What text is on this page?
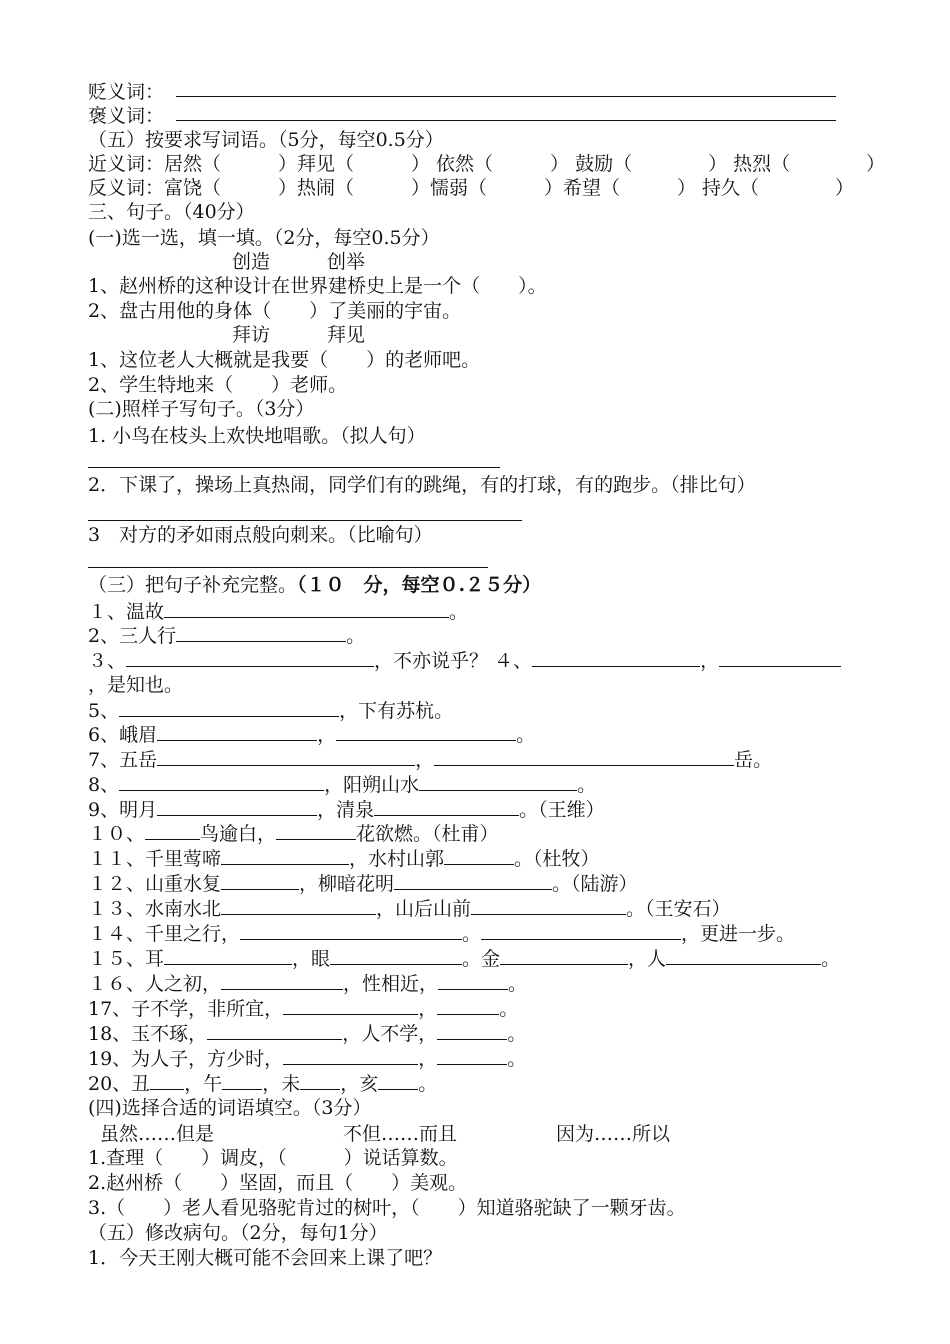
贬义词：
褒义词：
（五）按要求写词语。（5分，每空0.5分）
近义词：居然（　　　）拜见（　　　） 依然（　　　） 鼓励（　　　　） 热烈（　　　　）
反义词：富饶（　　　）热闹（　　　）懦弱（　　　）希望（　　　） 持久（　　　　）
三、句子。（40分）
(一)选一选，填一填。（2分，每空0.5分）
创造　　　创举
1、赵州桥的这种设计在世界建桥史上是一个（　　）。
2、盘古用他的身体（　　）了美丽的宇宙。
拜访　　　拜见
1、这位老人大概就是我要（　　）的老师吧。
2、学生特地来（　　）老师。
(二)照样子写句子。（3分）
1. 小鸟在枝头上欢快地唱歌。（拟人句）
2．下课了，操场上真热闹，同学们有的跳绳，有的打球，有的跑步。（排比句）
3　对方的矛如雨点般向刺来。（比喻句）
（三）把句子补充完整。（１０　分，每空０.２５分）
１、温故	。
2、三人行	。
３、	，不亦说乎？ ４、	，
，是知也。
5、	，下有苏杭。
6、峨眉	，	。
7、五岳	，	岳。
8、	，阳朔山水	。
9、明月	，清泉	。（王维）
１０、	鸟逾白，	花欲燃。（杜甫）
１１、千里莺啼	，水村山郭	。（杜牧）
１２、山重水复	，柳暗花明	。（陆游）
１３、水南水北	，山后山前	。（王安石）
１４、千里之行，	。	，更进一步。
１５、耳	，眼	。金	，人	。
１６、人之初，	，性相近，	。
17、子不学，非所宜，	，	。
18、玉不琢，	，人不学，	。
19、为人子，方少时，	，	。
20、丑 ，午 ，未 ，亥 。
(四)选择合适的词语填空。（3分）
虽然……但是	不但……而且	因为……所以
1.查理（　　）调皮，（　　　）说话算数。
2.赵州桥（　　）坚固，而且（　　）美观。
3.（　　）老人看见骆驼肯过的树叶，（　　）知道骆驼缺了一颗牙齿。
（五）修改病句。（2分，每句1分）
1．今天王刚大概可能不会回来上课了吧？
